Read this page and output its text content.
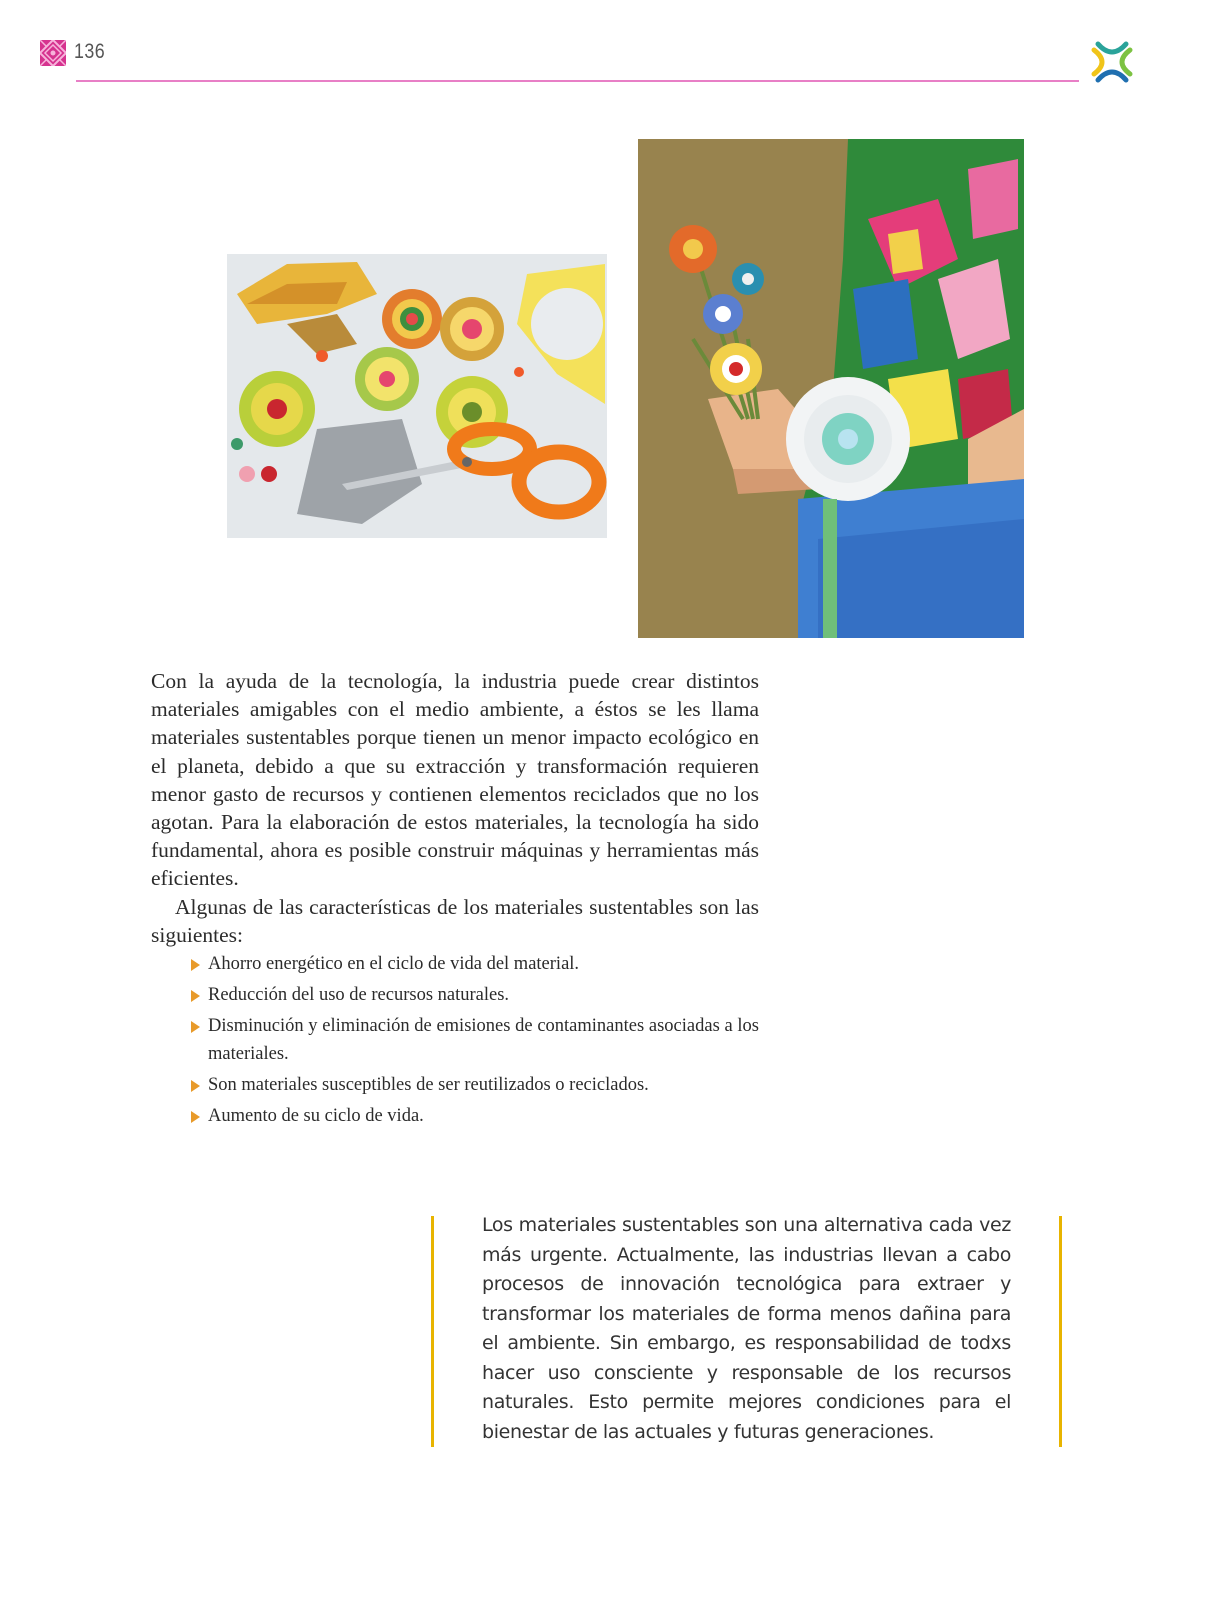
136

Con la ayuda de la tecnología, la industria puede crear distintos materiales amigables con el medio ambiente, a éstos se les llama materiales sustentables porque tienen un menor impacto ecológico en el planeta, debido a que su extracción y transformación requieren menor gasto de recursos y contienen elementos reciclados que no los agotan. Para la elaboración de estos materiales, la tecnología ha sido fundamental, ahora es posible construir máquinas y herramientas más eficientes.

Algunas de las características de los materiales sustentables son las siguientes:

Ahorro energético en el ciclo de vida del material.
Reducción del uso de recursos naturales.
Disminución y eliminación de emisiones de contaminantes asociadas a los materiales.
Son materiales susceptibles de ser reutilizados o reciclados.
Aumento de su ciclo de vida.
Los materiales sustentables son una alternativa cada vez más urgente. Actualmente, las industrias llevan a cabo procesos de innovación tecnológica para extraer y transformar los materiales de forma menos dañina para el ambiente. Sin embargo, es responsabilidad de todxs hacer uso consciente y responsable de los recursos naturales. Esto permite mejores condiciones para el bienestar de las actuales y futuras generaciones.
